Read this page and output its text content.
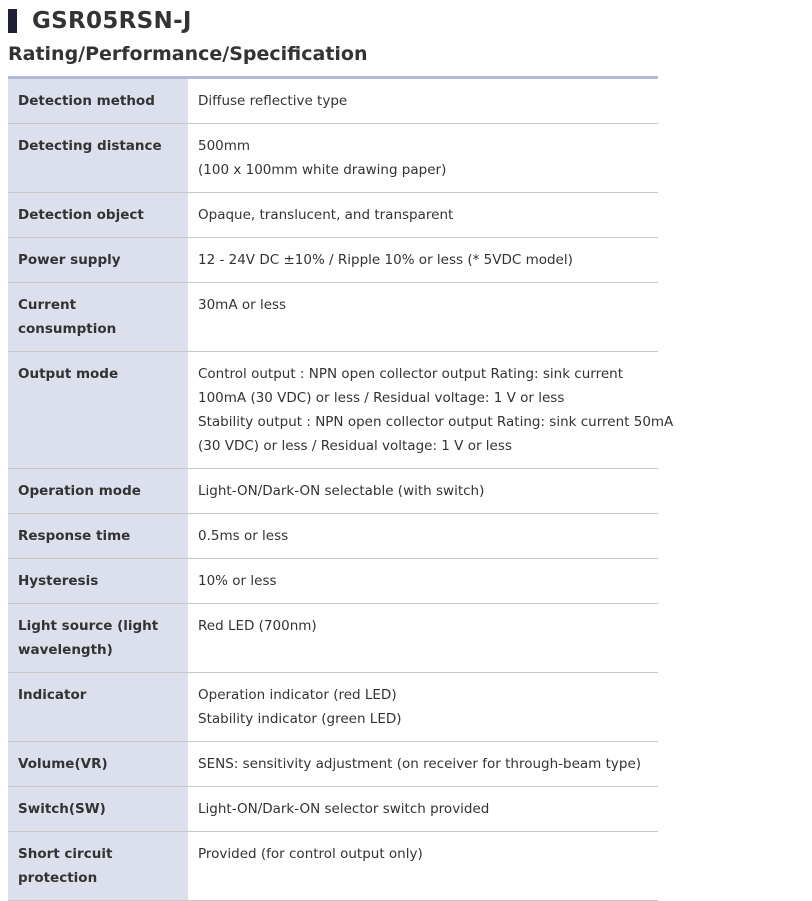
GSR05RSN-J
Rating/Performance/Specification
Detection method	Diffuse reflective type

Detecting distance	500mm
(100 x 100mm white drawing paper)

Detection object	Opaque, translucent, and transparent

Power supply	12 - 24V DC ±10% / Ripple 10% or less (* 5VDC model)

Current consumption	30mA or less

Output mode	Control output : NPN open collector output Rating: sink current
100mA (30 VDC) or less / Residual voltage: 1 V or less
Stability output : NPN open collector output Rating: sink current 50mA
(30 VDC) or less / Residual voltage: 1 V or less

Operation mode	Light-ON/Dark-ON selectable (with switch)

Response time	0.5ms or less

Hysteresis	10% or less

Light source (light wavelength)	Red LED (700nm)

Indicator	Operation indicator (red LED)
Stability indicator (green LED)

Volume(VR)	SENS: sensitivity adjustment (on receiver for through-beam type)

Switch(SW)	Light-ON/Dark-ON selector switch provided

Short circuit protection	Provided (for control output only)
